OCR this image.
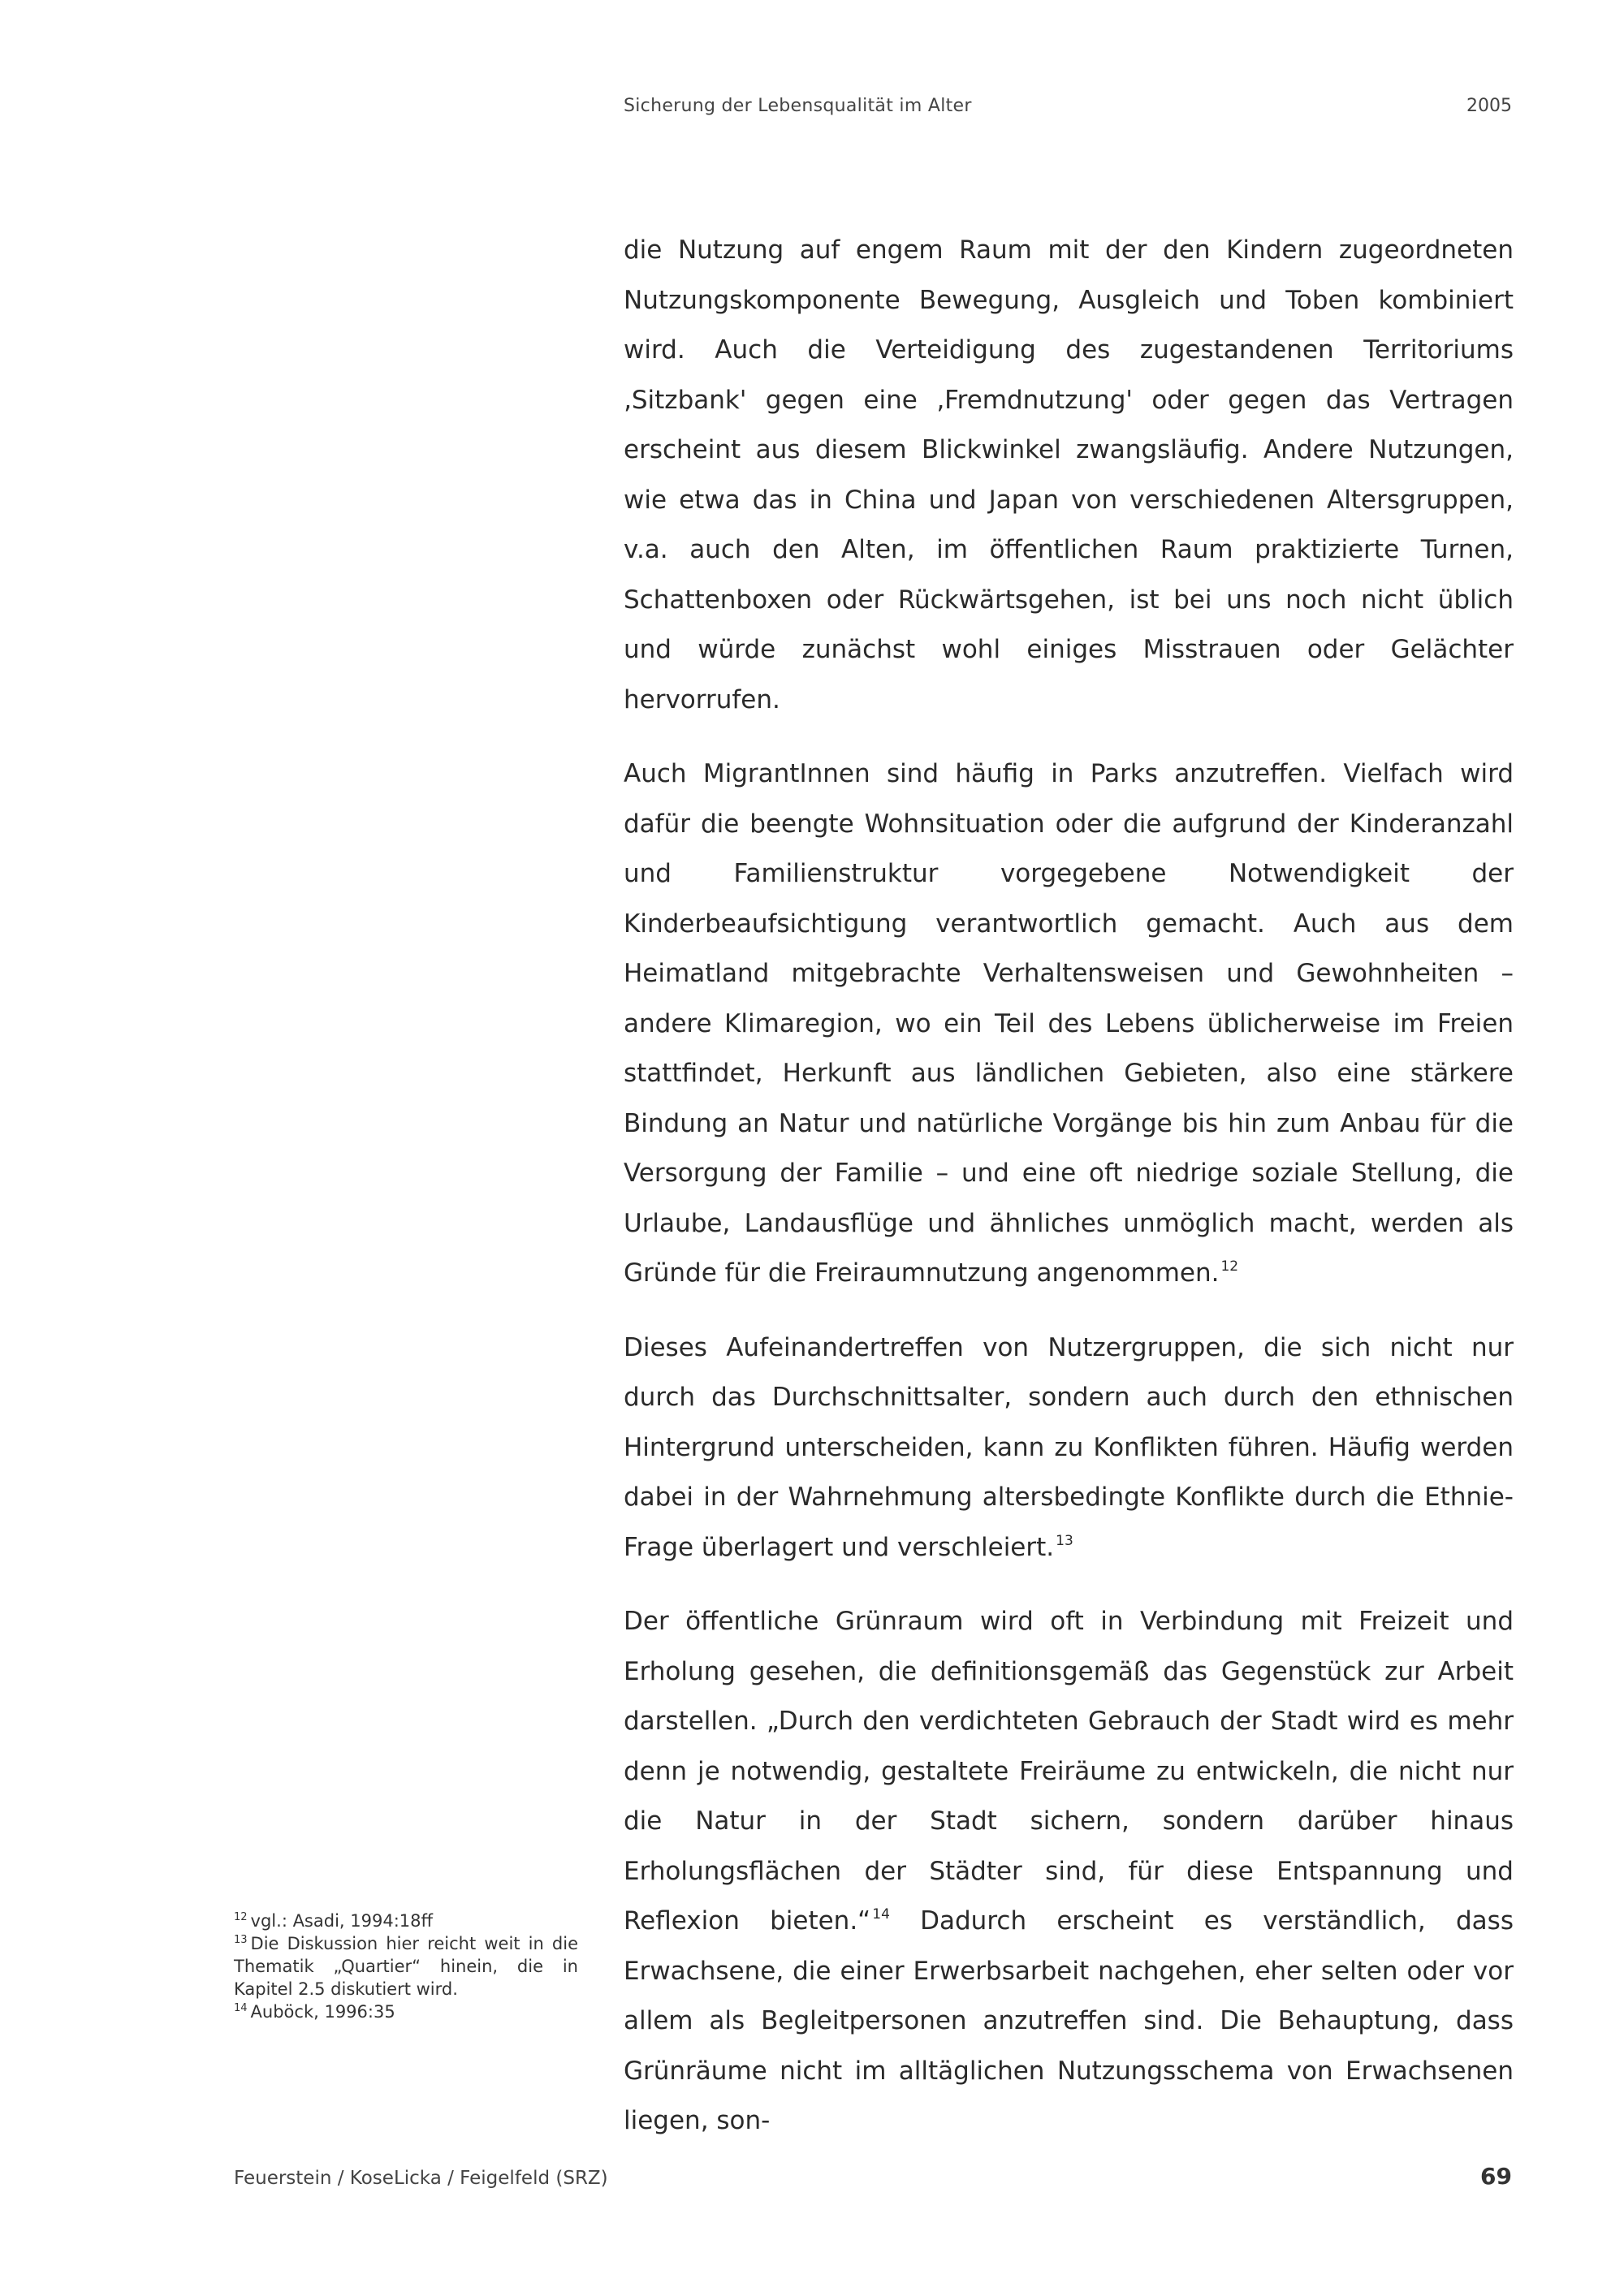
Sicherung der Lebensqualität im Alter	2005

die Nutzung auf engem Raum mit der den Kindern zugeordneten Nutzungskomponente Bewegung, Ausgleich und Toben kombiniert wird. Auch die Verteidigung des zugestandenen Territoriums ‚Sitzbank' gegen eine ‚Fremdnutzung' oder gegen das Vertragen erscheint aus diesem Blickwinkel zwangsläufig. Andere Nutzungen, wie etwa das in China und Japan von verschiedenen Altersgruppen, v.a. auch den Alten, im öffentlichen Raum praktizierte Turnen, Schattenboxen oder Rückwärtsgehen, ist bei uns noch nicht üblich und würde zunächst wohl einiges Misstrauen oder Gelächter hervorrufen.

Auch MigrantInnen sind häufig in Parks anzutreffen. Vielfach wird dafür die beengte Wohnsituation oder die aufgrund der Kinderanzahl und Familienstruktur vorgegebene Notwendigkeit der Kinderbeaufsichtigung verantwortlich gemacht. Auch aus dem Heimatland mitgebrachte Verhaltensweisen und Gewohnheiten – andere Klimaregion, wo ein Teil des Lebens üblicherweise im Freien stattfindet, Herkunft aus ländlichen Gebieten, also eine stärkere Bindung an Natur und natürliche Vorgänge bis hin zum Anbau für die Versorgung der Familie – und eine oft niedrige soziale Stellung, die Urlaube, Landausflüge und ähnliches unmöglich macht, werden als Gründe für die Freiraumnutzung angenommen. $^{12}$

Dieses Aufeinandertreffen von Nutzergruppen, die sich nicht nur durch das Durchschnittsalter, sondern auch durch den ethnischen Hintergrund unterscheiden, kann zu Konflikten führen. Häufig werden dabei in der Wahrnehmung altersbedingte Konflikte durch die Ethnie-Frage überlagert und verschleiert. $^{13}$

Der öffentliche Grünraum wird oft in Verbindung mit Freizeit und Erholung gesehen, die definitionsgemäß das Gegenstück zur Arbeit darstellen. „Durch den verdichteten Gebrauch der Stadt wird es mehr denn je notwendig, gestaltete Freiräume zu entwickeln, die nicht nur die Natur in der Stadt sichern, sondern darüber hinaus Erholungsflächen der Städter sind, für diese Entspannung und Reflexion bieten.“ $^{14}$ Dadurch erscheint es verständlich, dass Erwachsene, die einer Erwerbsarbeit nachgehen, eher selten oder vor allem als Begleitpersonen anzutreffen sind. Die Behauptung, dass Grünräume nicht im alltäglichen Nutzungsschema von Erwachsenen liegen, son-

$^{12}$ vgl.: Asadi, 1994:18ff
$^{13}$ Die Diskussion hier reicht weit in die Thematik „Quartier“ hinein, die in Kapitel 2.5 diskutiert wird.
$^{14}$ Auböck, 1996:35
Feuerstein / KoseLicka / Feigelfeld (SRZ)	69
